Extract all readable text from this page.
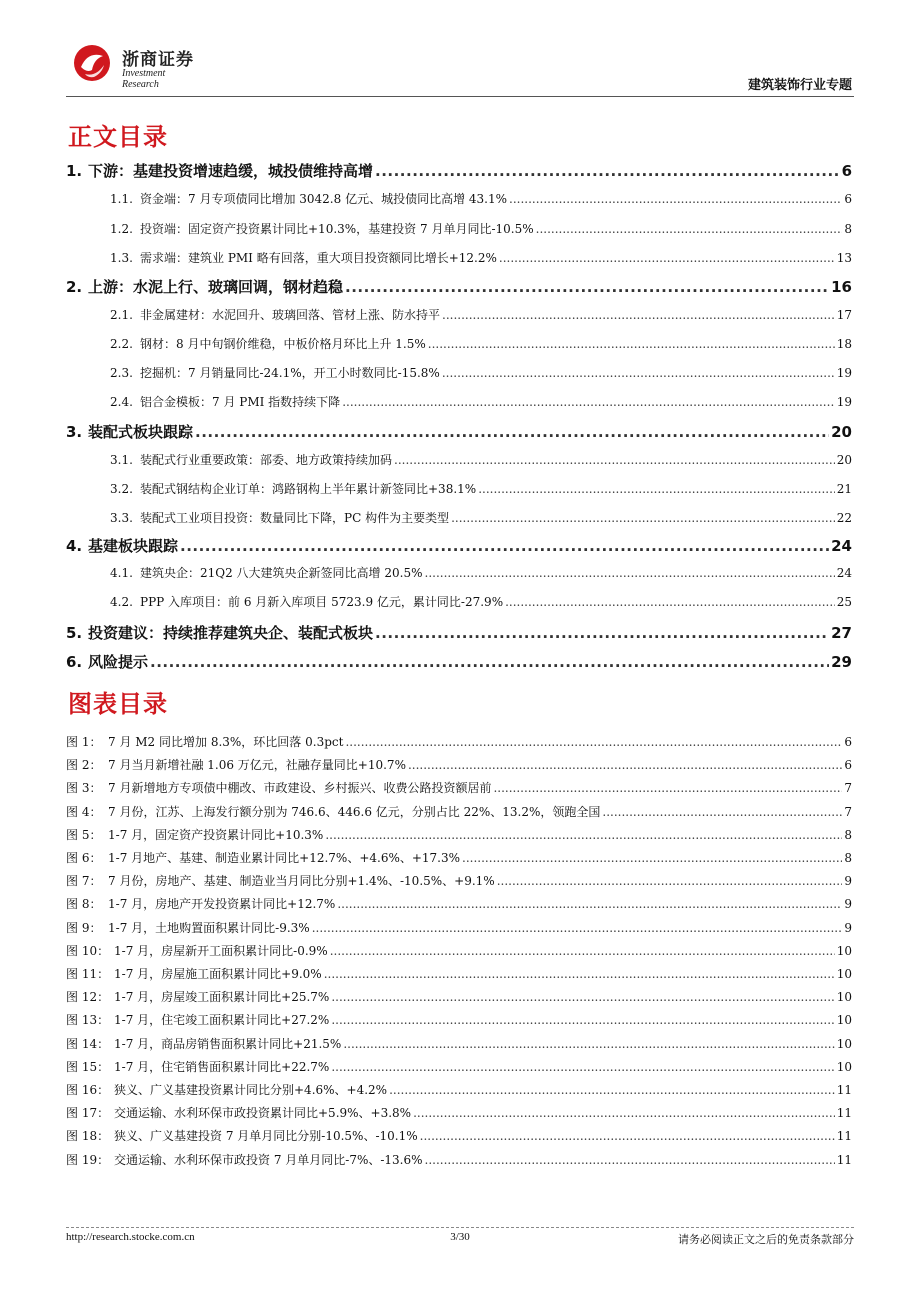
浙商证券
Investment Research	建筑装饰行业专题
正文目录
1. 下游：基建投资增速趋缓，城投债维持高增 .....	6
1.1. 资金端：7 月专项债同比增加 3042.8 亿元、城投债同比高增 43.1% .....	6
1.2. 投资端：固定资产投资累计同比+10.3%，基建投资 7 月单月同比-10.5% .....	8
1.3. 需求端：建筑业 PMI 略有回落，重大项目投资额同比增长+12.2% .....	13
2. 上游：水泥上行、玻璃回调，钢材趋稳 .....	16
2.1. 非金属建材：水泥回升、玻璃回落、管材上涨、防水持平 .....	17
2.2. 钢材：8 月中旬钢价维稳，中板价格月环比上升 1.5% .....	18
2.3. 挖掘机：7 月销量同比-24.1%，开工小时数同比-15.8% .....	19
2.4. 铝合金模板：7 月 PMI 指数持续下降 .....	19
3. 装配式板块跟踪 .....	20
3.1. 装配式行业重要政策：部委、地方政策持续加码 .....	20
3.2. 装配式钢结构企业订单：鸿路钢构上半年累计新签同比+38.1% .....	21
3.3. 装配式工业项目投资：数量同比下降，PC 构件为主要类型 .....	22
4. 基建板块跟踪 .....	24
4.1. 建筑央企：21Q2 八大建筑央企新签同比高增 20.5% .....	24
4.2. PPP 入库项目：前 6 月新入库项目 5723.9 亿元，累计同比-27.9% .....	25
5. 投资建议：持续推荐建筑央企、装配式板块 .....	27
6. 风险提示 .....	29
图表目录
图 1： 7 月 M2 同比增加 8.3%，环比回落 0.3pct .....	6
图 2： 7 月当月新增社融 1.06 万亿元，社融存量同比+10.7% .....	6
图 3： 7 月新增地方专项债中棚改、市政建设、乡村振兴、收费公路投资额居前 .....	7
图 4： 7 月份，江苏、上海发行额分别为 746.6、446.6 亿元，分别占比 22%、13.2%，领跑全国 .....	7
图 5： 1-7 月，固定资产投资累计同比+10.3% .....	8
图 6： 1-7 月地产、基建、制造业累计同比+12.7%、+4.6%、+17.3% .....	8
图 7： 7 月份，房地产、基建、制造业当月同比分别+1.4%、-10.5%、+9.1% .....	9
图 8： 1-7 月，房地产开发投资累计同比+12.7% .....	9
图 9： 1-7 月，土地购置面积累计同比-9.3% .....	9
图 10： 1-7 月，房屋新开工面积累计同比-0.9% .....	10
图 11： 1-7 月，房屋施工面积累计同比+9.0% .....	10
图 12： 1-7 月，房屋竣工面积累计同比+25.7% .....	10
图 13： 1-7 月，住宅竣工面积累计同比+27.2% .....	10
图 14： 1-7 月，商品房销售面积累计同比+21.5% .....	10
图 15： 1-7 月，住宅销售面积累计同比+22.7% .....	10
图 16： 狭义、广义基建投资累计同比分别+4.6%、+4.2% .....	11
图 17： 交通运输、水利环保市政投资累计同比+5.9%、+3.8% .....	11
图 18： 狭义、广义基建投资 7 月单月同比分别-10.5%、-10.1% .....	11
图 19： 交通运输、水利环保市政投资 7 月单月同比-7%、-13.6% .....	11
http://research.stocke.com.cn	3/30	请务必阅读正文之后的免责条款部分
